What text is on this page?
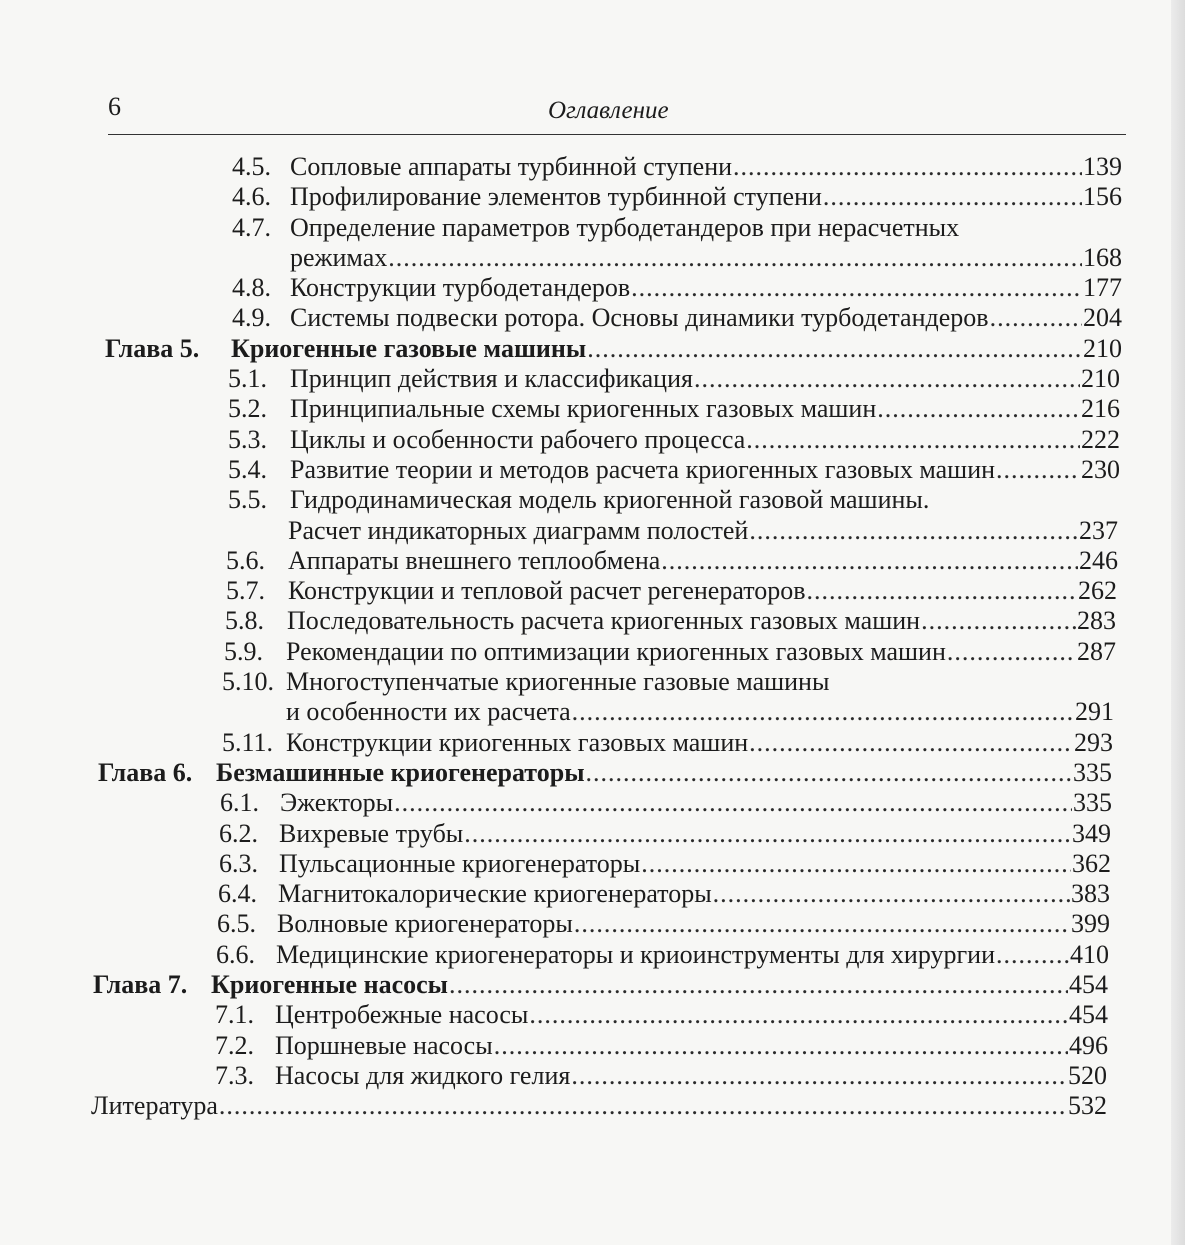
6	Оглавление
4.5. Сопловые аппараты турбинной ступени .....	139
4.6. Профилирование элементов турбинной ступени .....	156
4.7. Определение параметров турбодетандеров при нерасчетных
режимах .....	168
4.8. Конструкции турбодетандеров .....	177
4.9. Системы подвески ротора. Основы динамики турбодетандеров .....	204
Глава 5.	Криогенные газовые машины .....	210
5.1. Принцип действия и классификация .....	210
5.2. Принципиальные схемы криогенных газовых машин .....	216
5.3. Циклы и особенности рабочего процесса .....	222
5.4. Развитие теории и методов расчета криогенных газовых машин .....	230
5.5. Гидродинамическая модель криогенной газовой машины.
Расчет индикаторных диаграмм полостей .....	237
5.6. Аппараты внешнего теплообмена .....	246
5.7. Конструкции и тепловой расчет регенераторов .....	262
5.8. Последовательность расчета криогенных газовых машин .....	283
5.9. Рекомендации по оптимизации криогенных газовых машин .....	287
5.10. Многоступенчатые криогенные газовые машины
и особенности их расчета .....	291
5.11. Конструкции криогенных газовых машин .....	293
Глава 6. Безмашинные криогенераторы .....	335
6.1. Эжекторы .....	335
6.2. Вихревые трубы .....	349
6.3. Пульсационные криогенераторы .....	362
6.4. Магнитокалорические криогенераторы .....	383
6.5. Волновые криогенераторы .....	399
6.6. Медицинские криогенераторы и криоинструменты для хирургии .....	410
Глава 7. Криогенные насосы .....	454
7.1. Центробежные насосы .....	454
7.2. Поршневые насосы .....	496
7.3. Насосы для жидкого гелия .....	520
Литература .....	532
